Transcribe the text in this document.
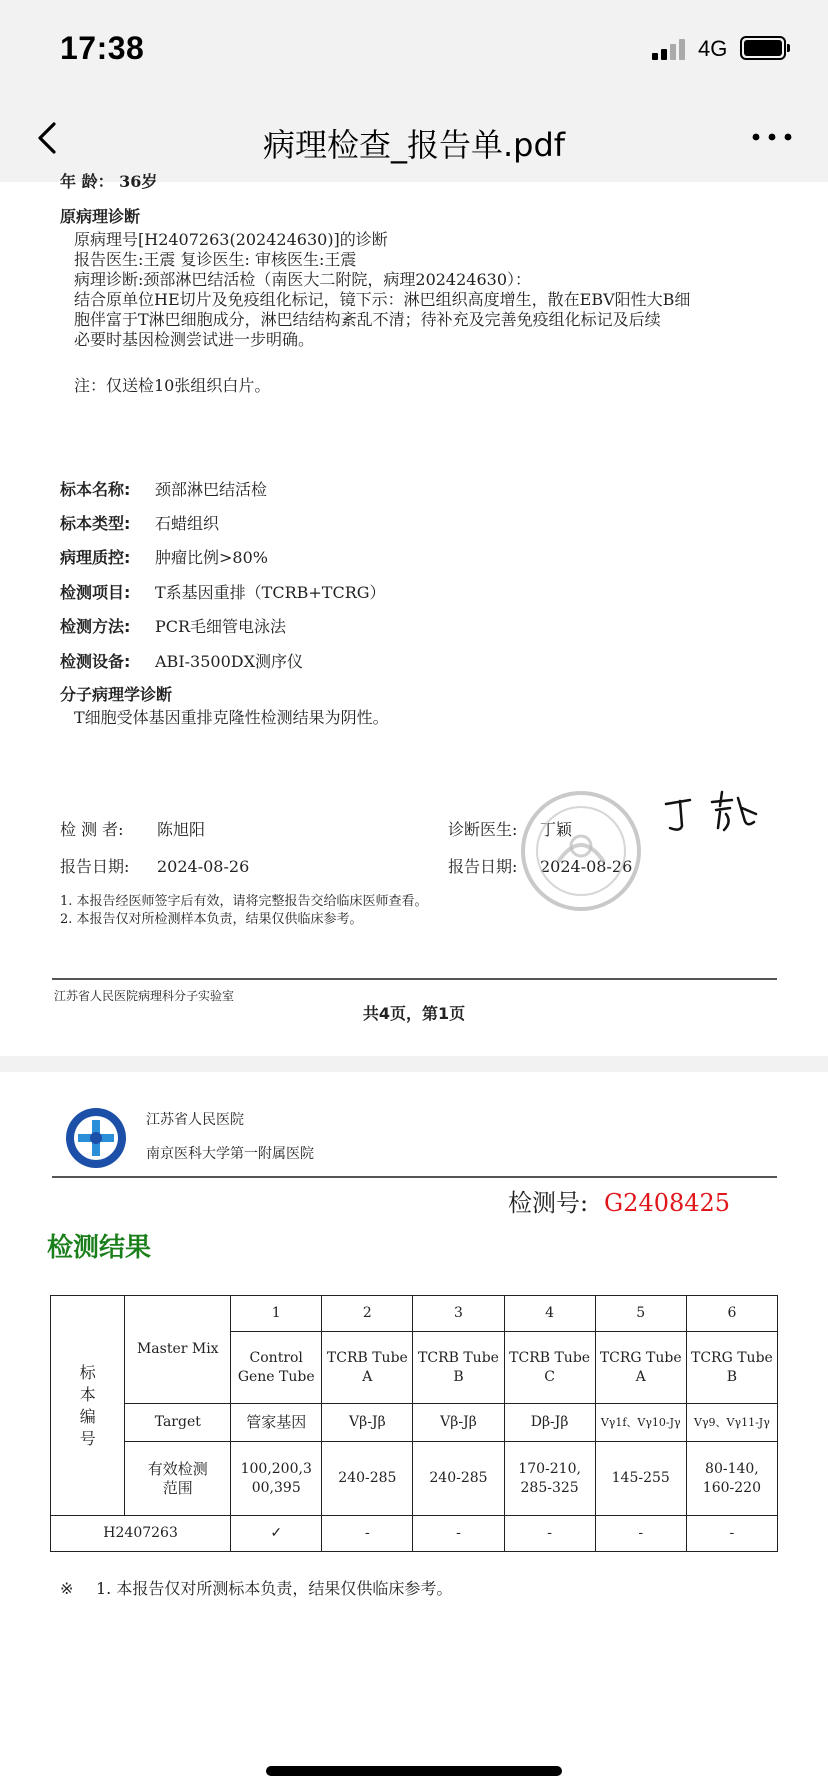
17:38	4G
病理检查_报告单.pdf
年 龄： 36岁
原病理诊断
原病理号[H2407263(202424630)]的诊断
报告医生:王震 复诊医生: 审核医生:王震
病理诊断:颈部淋巴结活检（南医大二附院，病理202424630）：
结合原单位HE切片及免疫组化标记，镜下示：淋巴组织高度增生，散在EBV阳性大B细
胞伴富于T淋巴细胞成分，淋巴结结构紊乱不清；待补充及完善免疫组化标记及后续
必要时基因检测尝试进一步明确。
注：仅送检10张组织白片。
标本名称: 颈部淋巴结活检
标本类型: 石蜡组织
病理质控: 肿瘤比例>80%
检测项目: T系基因重排（TCRB+TCRG）
检测方法: PCR毛细管电泳法
检测设备: ABI-3500DX测序仪
分子病理学诊断
T细胞受体基因重排克隆性检测结果为阴性。
检 测 者: 陈旭阳
报告日期: 2024-08-26
诊断医生: 丁颖
报告日期: 2024-08-26
1. 本报告经医师签字后有效，请将完整报告交给临床医师查看。
2. 本报告仅对所检测样本负责，结果仅供临床参考。
江苏省人民医院病理科分子实验室
共4页，第1页
江苏省人民医院
南京医科大学第一附属医院
检测号: G2408425
检测结果
标本编号	Master Mix	1	2	3	4	5	6
		Control Gene Tube	TCRB Tube A	TCRB Tube B	TCRB Tube C	TCRG Tube A	TCRG Tube B
	Target	管家基因	Vβ-Jβ	Vβ-Jβ	Dβ-Jβ	Vγ1f、Vγ10-Jγ	Vγ9、Vγ11-Jγ

	有效检测范围	100,200,300,395	240-285	240-285	170-210, 285-325	145-255	80-140, 160-220
H2407263		✓	-	-	-	-	-
※ 1. 本报告仅对所测标本负责，结果仅供临床参考。
